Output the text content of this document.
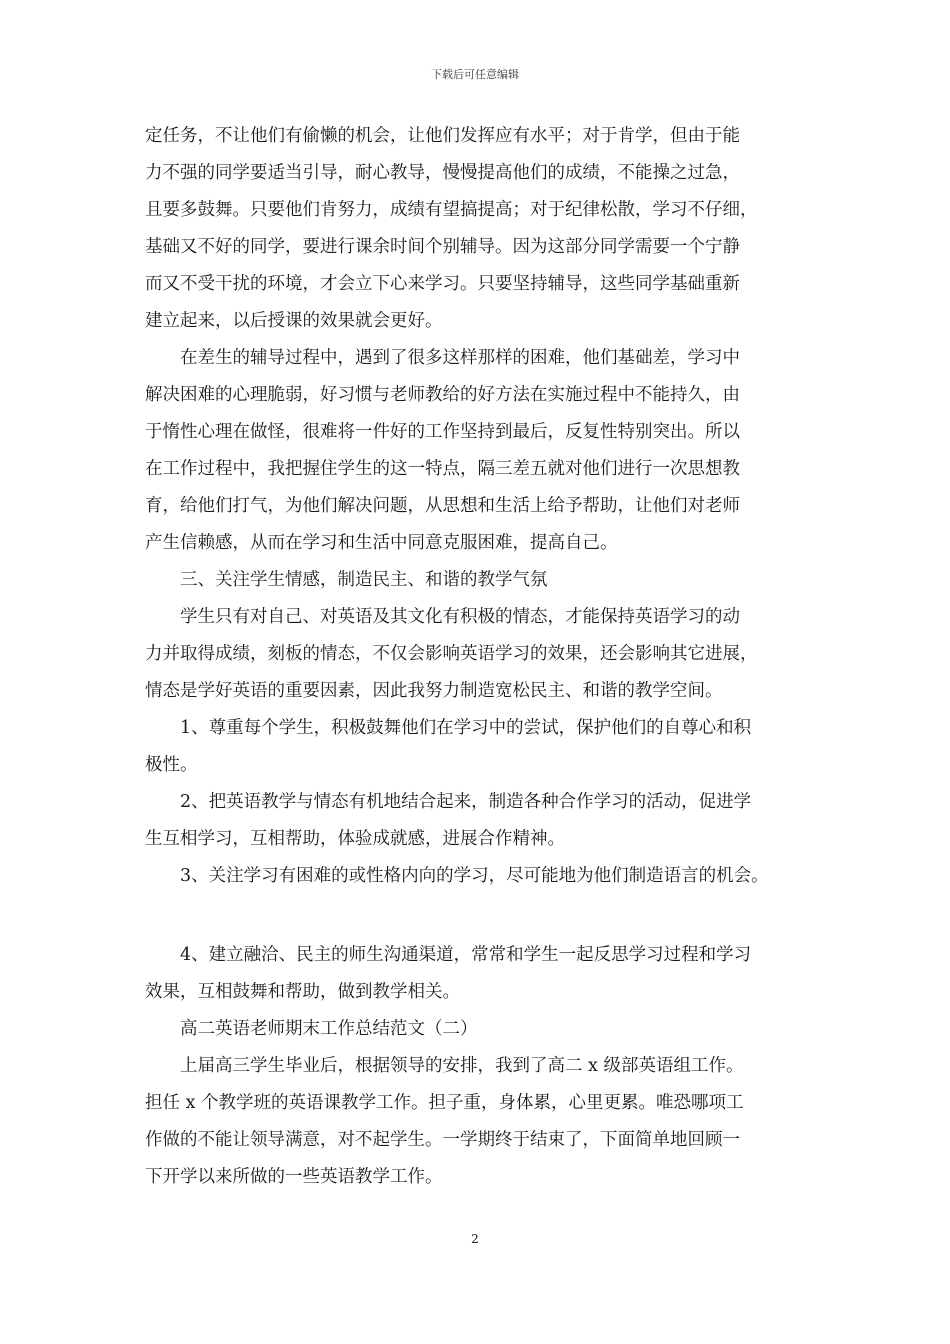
下载后可任意编辑
定任务，不让他们有偷懒的机会，让他们发挥应有水平；对于肯学，但由于能
力不强的同学要适当引导，耐心教导，慢慢提高他们的成绩，不能操之过急，
且要多鼓舞。只要他们肯努力，成绩有望搞提高；对于纪律松散，学习不仔细，
基础又不好的同学，要进行课余时间个别辅导。因为这部分同学需要一个宁静
而又不受干扰的环境，才会立下心来学习。只要坚持辅导，这些同学基础重新
建立起来，以后授课的效果就会更好。
　　在差生的辅导过程中，遇到了很多这样那样的困难，他们基础差，学习中
解决困难的心理脆弱，好习惯与老师教给的好方法在实施过程中不能持久，由
于惰性心理在做怪，很难将一件好的工作坚持到最后，反复性特别突出。所以
在工作过程中，我把握住学生的这一特点，隔三差五就对他们进行一次思想教
育，给他们打气，为他们解决问题，从思想和生活上给予帮助，让他们对老师
产生信赖感，从而在学习和生活中同意克服困难，提高自己。
　　三、关注学生情感，制造民主、和谐的教学气氛
　　学生只有对自己、对英语及其文化有积极的情态，才能保持英语学习的动
力并取得成绩，刻板的情态，不仅会影响英语学习的效果，还会影响其它进展，
情态是学好英语的重要因素，因此我努力制造宽松民主、和谐的教学空间。
　　1、尊重每个学生，积极鼓舞他们在学习中的尝试，保护他们的自尊心和积
极性。
　　2、把英语教学与情态有机地结合起来，制造各种合作学习的活动，促进学
生互相学习，互相帮助，体验成就感，进展合作精神。
　　3、关注学习有困难的或性格内向的学习，尽可能地为他们制造语言的机会。
　　4、建立融洽、民主的师生沟通渠道，常常和学生一起反思学习过程和学习
效果，互相鼓舞和帮助，做到教学相关。
　　高二英语老师期末工作总结范文（二）
　　上届高三学生毕业后，根据领导的安排，我到了高二 x 级部英语组工作。
担任 x 个教学班的英语课教学工作。担子重，身体累，心里更累。唯恐哪项工
作做的不能让领导满意，对不起学生。一学期终于结束了，下面简单地回顾一
下开学以来所做的一些英语教学工作。
2
